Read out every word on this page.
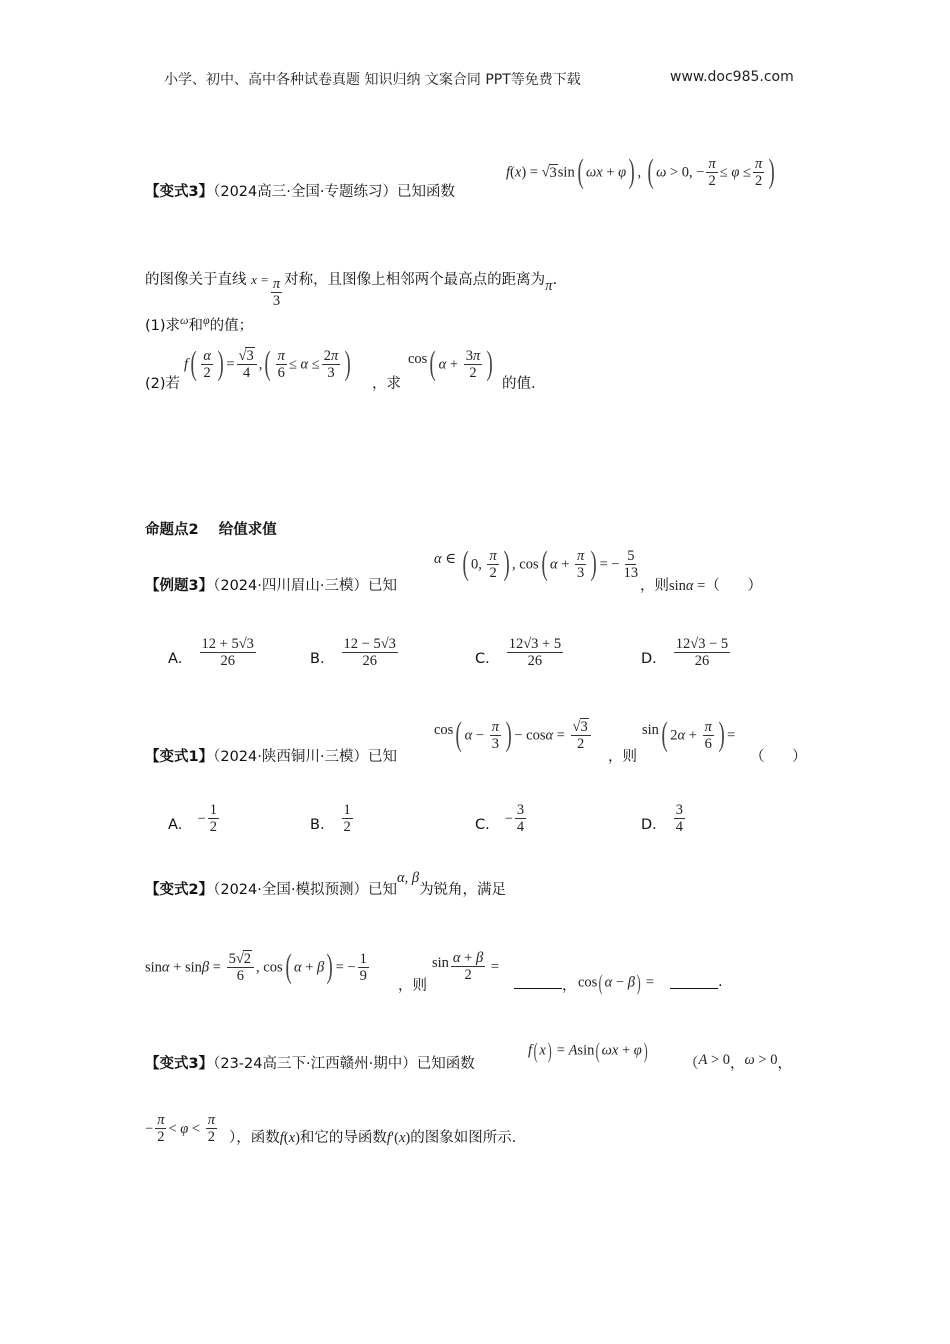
小学、初中、高中各种试卷真题 知识归纳 文案合同 PPT等免费下载	www.doc985.com
【变式3】（2024高三·全国·专题练习）已知函数
f(x) = √3sin( ωx + φ) , ( ω > 0, − $\frac{\pi}{2} \le \varphi \le \frac{\pi}{2}$ )
的图像关于直线 $x = \frac{\pi}{3}$ 对称，且图像上相邻两个最高点的距离为π.
(1)求$^\omega$和$^\varphi$的值；
(2)若
$f( \frac{\alpha}{2}$ ) = $\frac{√3}{4}$ ,( $\frac{\pi}{6} \le \alpha \le \frac{2\pi}{3}$ )
，求
cos( $\alpha + \frac{3\pi}{2}$ )
的值.
命题点2    给值求值
【例题3】（2024·四川眉山·三模）已知
α ∈ ( 0, $\frac{\pi}{2}$ ) , cos( $\alpha + \frac{\pi}{3}$ ) = − $\frac{5}{13}$
，则sinα =（      ）
A． $\frac{12 + 5√3}{26}$	B． $\frac{12 - 5√3}{26}$	C． $\frac{12√3 + 5}{26}$	D． $\frac{12√3 - 5}{26}$
【变式1】（2024·陕西铜川·三模）已知
cos( $\alpha - \frac{\pi}{3}$ ) − $\cos\alpha = \frac{√3}{2}$
，则
sin( $2\alpha + \frac{\pi}{6}$ ) =
（      ）
A． − $\frac{1}{2}$	B． $\frac{1}{2}$	C． − $\frac{3}{4}$	D． $\frac{3}{4}$
【变式2】（2024·全国·模拟预测）已知α, β为锐角，满足
$\sin\alpha + \sin\beta = \frac{5√2}{6}$ , cos( α + β) = − $\frac{1}{9}$
，则
$\sin \frac{\alpha + \beta}{2}$ =
， cos( α − β) =	.
【变式3】（23-24高三下·江西赣州·期中）已知函数
f( x) = Asin( ωx + φ)
（A > 0，ω > 0，
− $\frac{\pi}{2} < \varphi < \frac{\pi}{2}$ ），函数f(x)和它的导函数f′(x)的图象如图所示.
